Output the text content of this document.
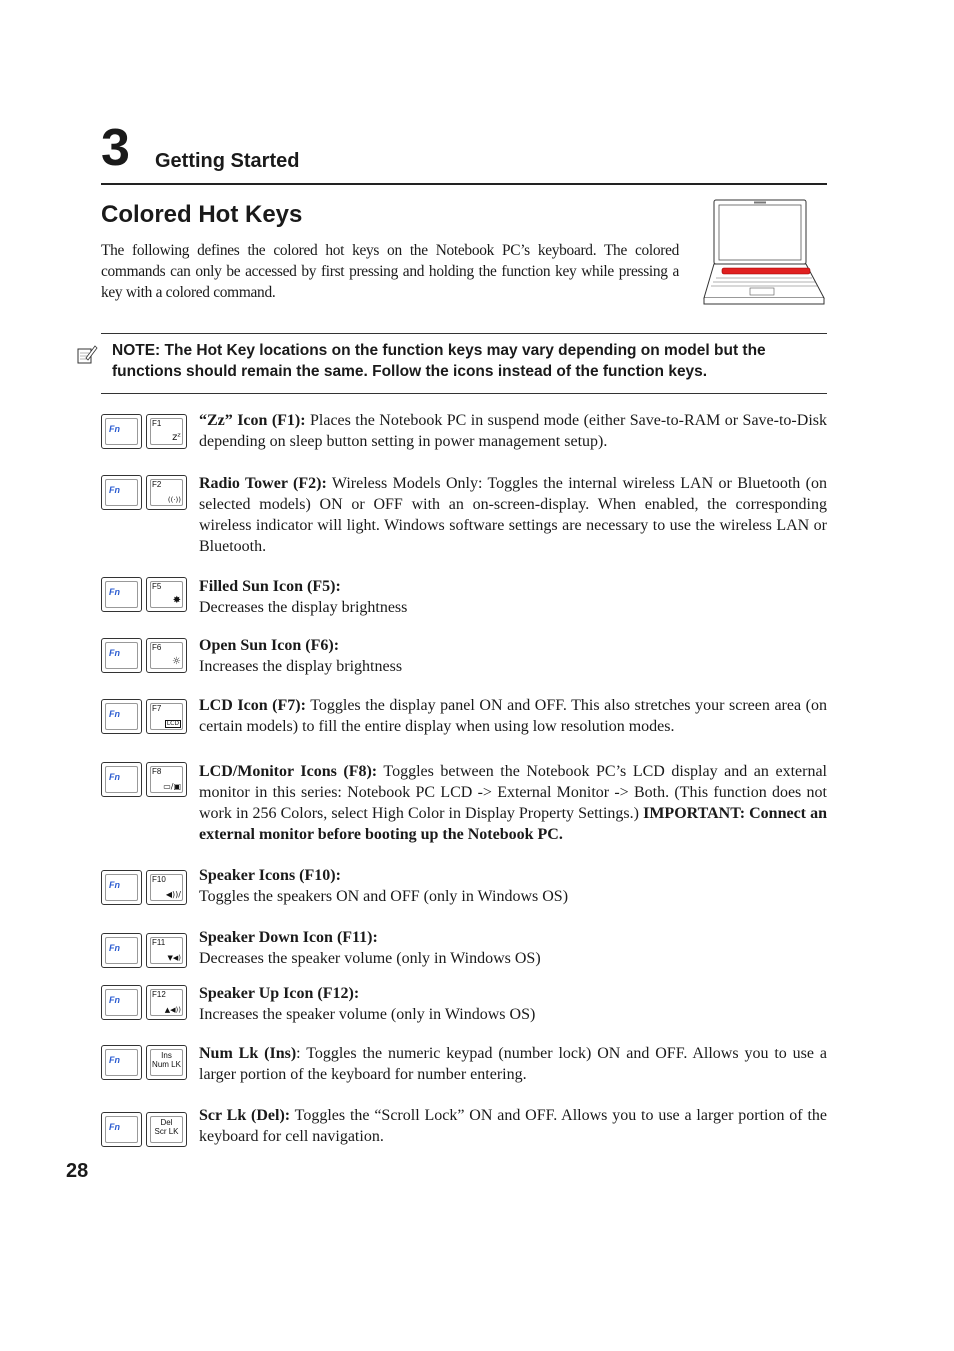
3 Getting Started
Colored Hot Keys
The following defines the colored hot keys on the Notebook PC’s keyboard. The colored commands can only be accessed by first pressing and holding the function key while pressing a key with a colored command.
NOTE: The Hot Key locations on the function keys may vary depending on model but the functions should remain the same. Follow the icons instead of the function keys.
Fn
F1
zᶻ
“Zz” Icon (F1): Places the Notebook PC in suspend mode (either Save-to-RAM or Save-to-Disk depending on sleep button setting in power management setup).
Fn
F2
((·))
Radio Tower (F2): Wireless Models Only: Toggles the internal wireless LAN or Bluetooth (on selected models) ON or OFF with an on-screen-display. When enabled, the corresponding wireless indicator will light. Windows software settings are necessary to use the wireless LAN or Bluetooth.
Fn
F5
✸
Filled Sun Icon (F5):
Decreases the display brightness
Fn
F6
☼
Open Sun Icon (F6):
Increases the display brightness
Fn
F7
LCD
LCD Icon (F7): Toggles the display panel ON and OFF. This also stretches your screen area (on certain models) to fill the entire display when using low resolution modes.
Fn
F8
▭/▣
LCD/Monitor Icons (F8): Toggles between the Notebook PC’s LCD display and an external monitor in this series: Notebook PC LCD -> External Monitor -> Both. (This function does not work in 256 Colors, select High Color in Display Property Settings.) IMPORTANT: Connect an external monitor before booting up the Notebook PC.
Fn
F10
◀))/
Speaker Icons (F10):
Toggles the speakers ON and OFF (only in Windows OS)
Fn
F11
▼◀)
Speaker Down Icon (F11):
Decreases the speaker volume (only in Windows OS)
Fn
F12
▲◀))
Speaker Up Icon (F12):
Increases the speaker volume (only in Windows OS)
Fn	Ins
Num LK
Num Lk (Ins): Toggles the numeric keypad (number lock) ON and OFF. Allows you to use a larger portion of the keyboard for number entering.
Fn	Del
Scr LK
Scr Lk (Del): Toggles the “Scroll Lock” ON and OFF. Allows you to use a larger portion of the keyboard for cell navigation.
28
